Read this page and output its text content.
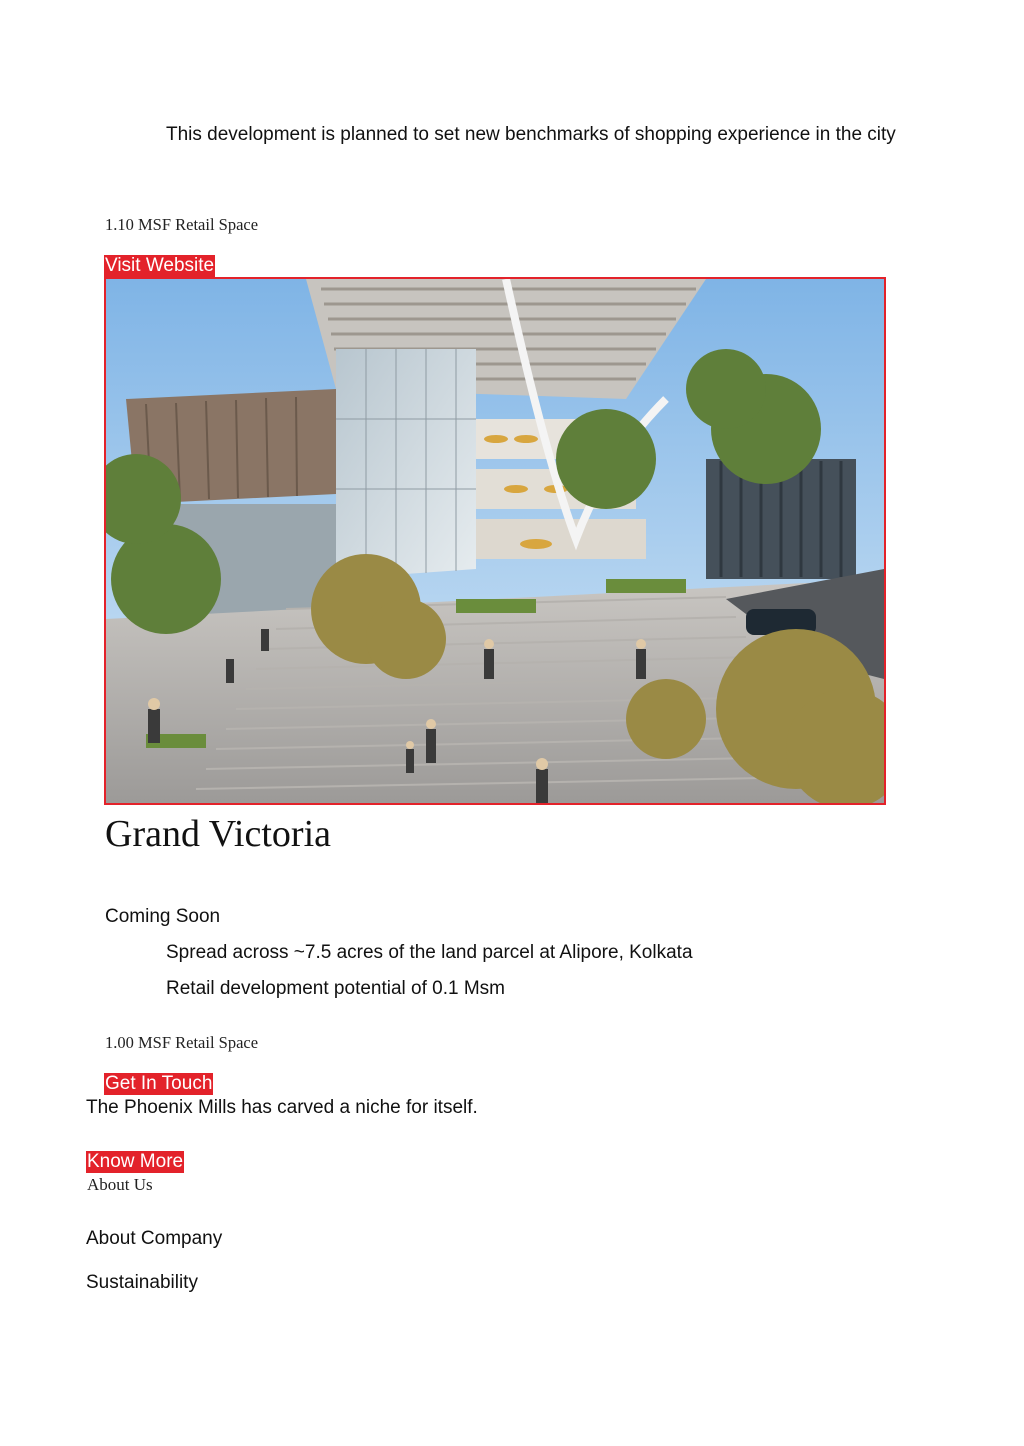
This development is planned to set new benchmarks of shopping experience in the city
1.10 MSF Retail Space
Visit Website
Grand Victoria
Coming Soon
Spread across ~7.5 acres of the land parcel at Alipore, Kolkata
Retail development potential of 0.1 Msm
1.00 MSF Retail Space
Get In Touch
The Phoenix Mills has carved a niche for itself.
Know More
About Us
About Company
Sustainability
